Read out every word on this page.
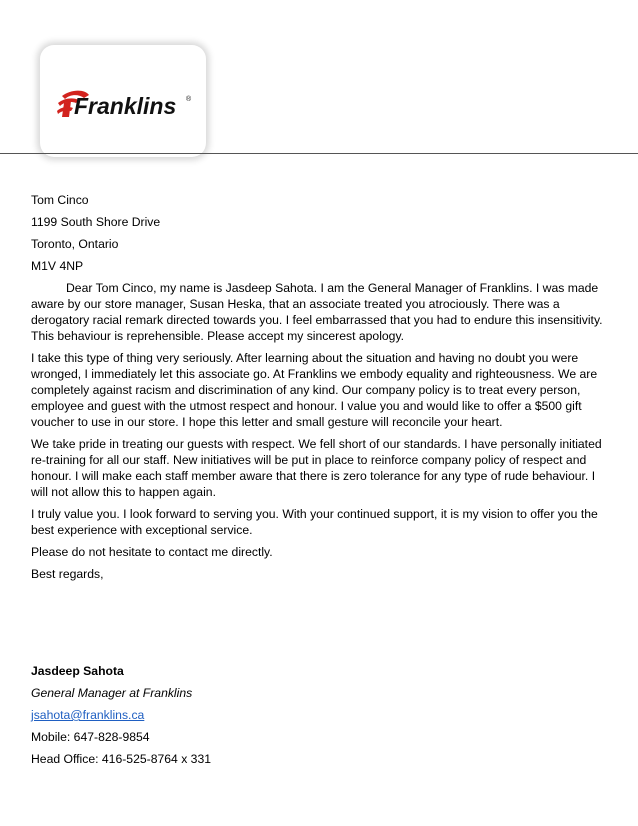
Franklins ®

Tom Cinco

1199 South Shore Drive

Toronto, Ontario

M1V 4NP

Dear Tom Cinco, my name is Jasdeep Sahota. I am the General Manager of Franklins. I was made aware by our store manager, Susan Heska, that an associate treated you atrociously. There was a derogatory racial remark directed towards you. I feel embarrassed that you had to endure this insensitivity. This behaviour is reprehensible. Please accept my sincerest apology.

I take this type of thing very seriously. After learning about the situation and having no doubt you were wronged, I immediately let this associate go. At Franklins we embody equality and righteousness. We are completely against racism and discrimination of any kind. Our company policy is to treat every person, employee and guest with the utmost respect and honour. I value you and would like to offer a $500 gift voucher to use in our store. I hope this letter and small gesture will reconcile your heart.

We take pride in treating our guests with respect. We fell short of our standards. I have personally initiated re-training for all our staff. New initiatives will be put in place to reinforce company policy of respect and honour. I will make each staff member aware that there is zero tolerance for any type of rude behaviour. I will not allow this to happen again.

I truly value you. I look forward to serving you. With your continued support, it is my vision to offer you the best experience with exceptional service.

Please do not hesitate to contact me directly.

Best regards,

Jasdeep Sahota

General Manager at Franklins

jsahota@franklins.ca

Mobile: 647-828-9854

Head Office: 416-525-8764 x 331
